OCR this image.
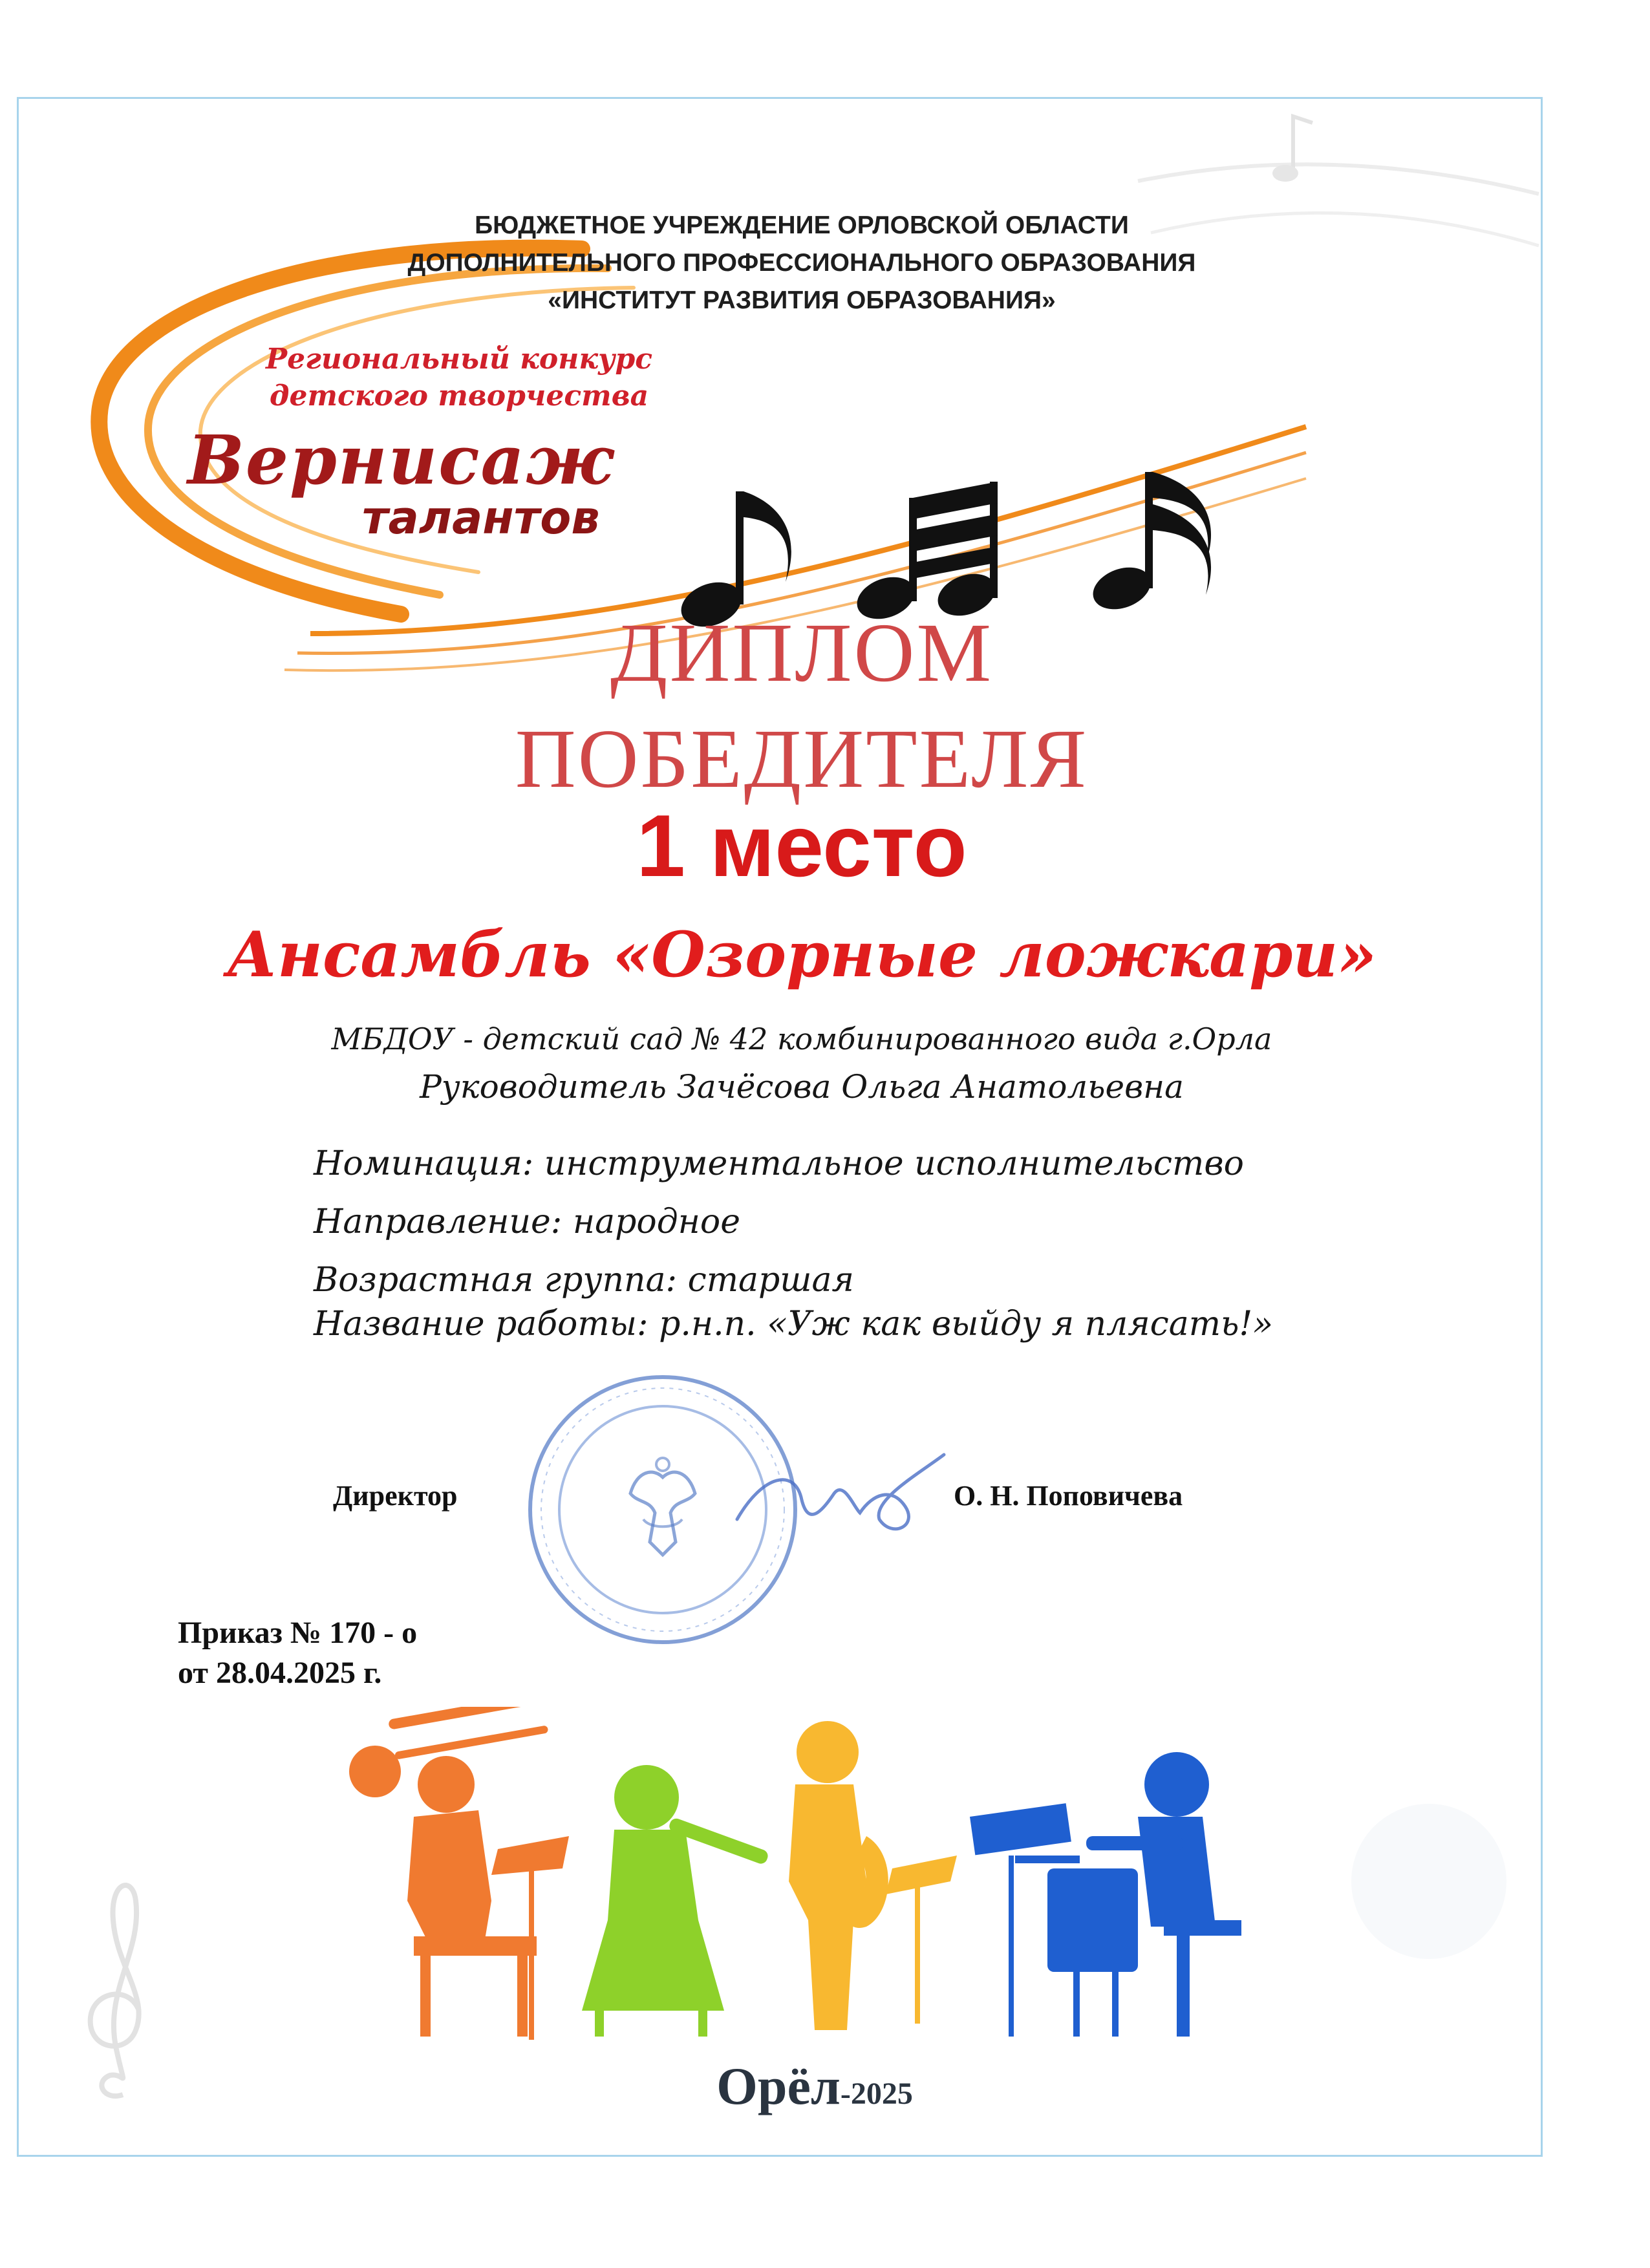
Региональный конкурс
детского творчества
Вернисаж
талантов
БЮДЖЕТНОЕ УЧРЕЖДЕНИЕ ОРЛОВСКОЙ ОБЛАСТИ
ДОПОЛНИТЕЛЬНОГО ПРОФЕССИОНАЛЬНОГО ОБРАЗОВАНИЯ
«ИНСТИТУТ РАЗВИТИЯ ОБРАЗОВАНИЯ»
ДИПЛОМ
ПОБЕДИТЕЛЯ
1 место
Ансамбль «Озорные ложкари»
МБДОУ - детский сад № 42 комбинированного вида г.Орла
Руководитель Зачёсова Ольга Анатольевна
Номинация: инструментальное исполнительство
Направление: народное
Возрастная группа: старшая
Название работы: р.н.п. «Уж как выйду я плясать!»
Директор	О. Н. Поповичева
Приказ № 170 - о
от 28.04.2025 г.
Орёл-2025
